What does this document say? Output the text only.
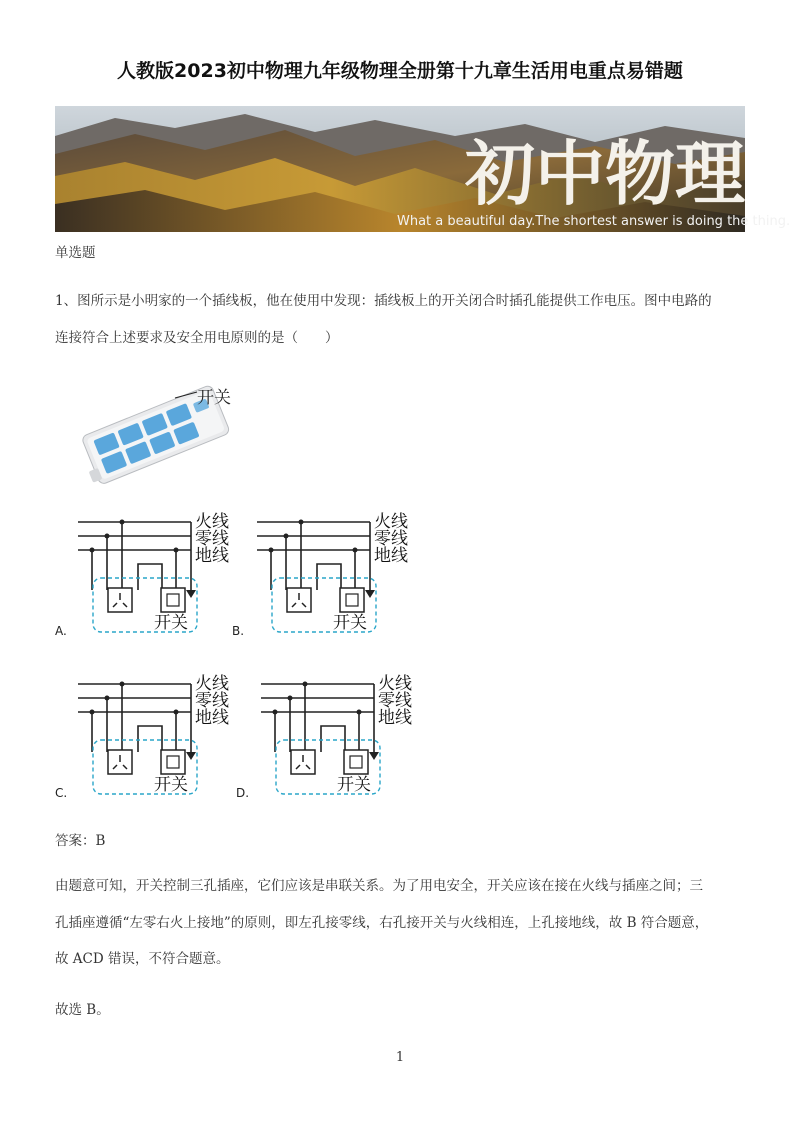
人教版2023初中物理九年级物理全册第十九章生活用电重点易错题
初中物理
What a beautiful day.The shortest answer is doing the thing.
单选题
1、图所示是小明家的一个插线板，他在使用中发现：插线板上的开关闭合时插孔能提供工作电压。图中电路的
连接符合上述要求及安全用电原则的是（　　）
开关
火线
零线
地线
开关
火线
零线
地线
开关
火线
零线
地线
开关
火线
零线
地线
开关
A.	B.
C.	D.
答案：B
由题意可知，开关控制三孔插座，它们应该是串联关系。为了用电安全，开关应该在接在火线与插座之间；三
孔插座遵循“左零右火上接地”的原则，即左孔接零线，右孔接开关与火线相连，上孔接地线，故 B 符合题意，
故 ACD 错误，不符合题意。
故选 B。
1
